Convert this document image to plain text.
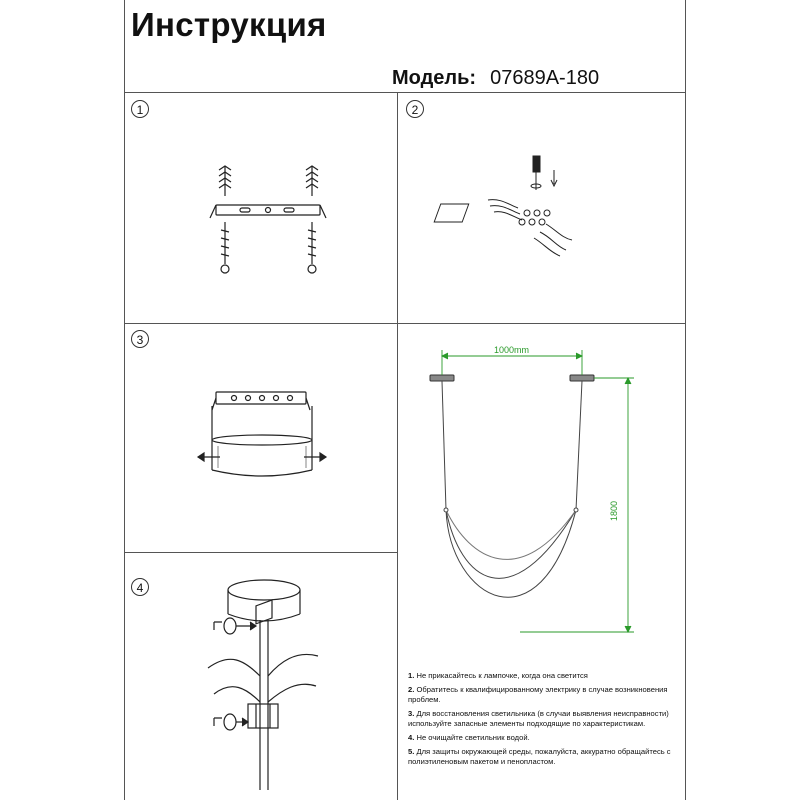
Инструкция
Модель: 07689A-180
1	2
3
4
1000mm
1800
1. Не прикасайтесь к лампочке, когда она светится
2. Обратитесь к квалифицированному электрику в случае возникновения проблем.
3. Для восстановления светильника (в случаи выявления неисправности) используйте запасные элементы подходящие по характеристикам.
4. Не очищайте светильник водой.
5. Для защиты окружающей среды, пожалуйста, аккуратно обращайтесь с полиэтиленовым пакетом и пенопластом.
